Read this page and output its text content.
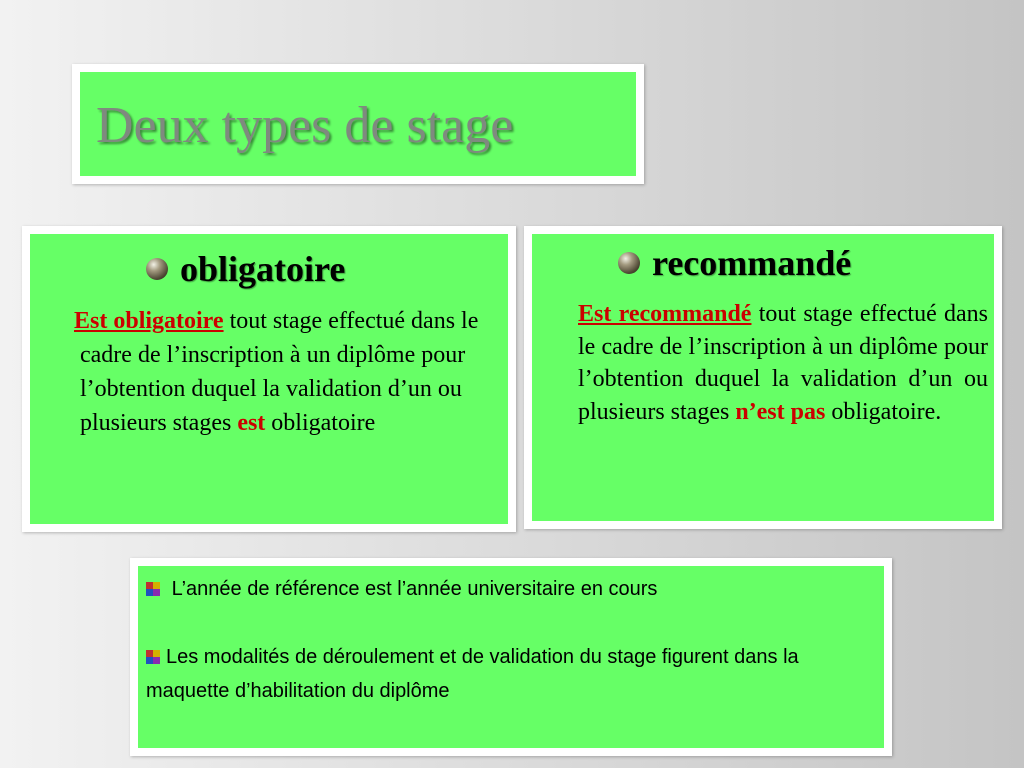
Deux types de stage
obligatoire

Est obligatoire tout stage effectué dans le cadre de l’inscription à un diplôme pour l’obtention duquel la validation d’un ou plusieurs stages est obligatoire

recommandé

Est recommandé tout stage effectué dans le cadre de l’inscription à un diplôme pour l’obtention duquel la validation d’un ou plusieurs stages n’est pas obligatoire.

L’année de référence est l’année universitaire en cours

Les modalités de déroulement et de validation du stage figurent dans la maquette d’habilitation du diplôme
